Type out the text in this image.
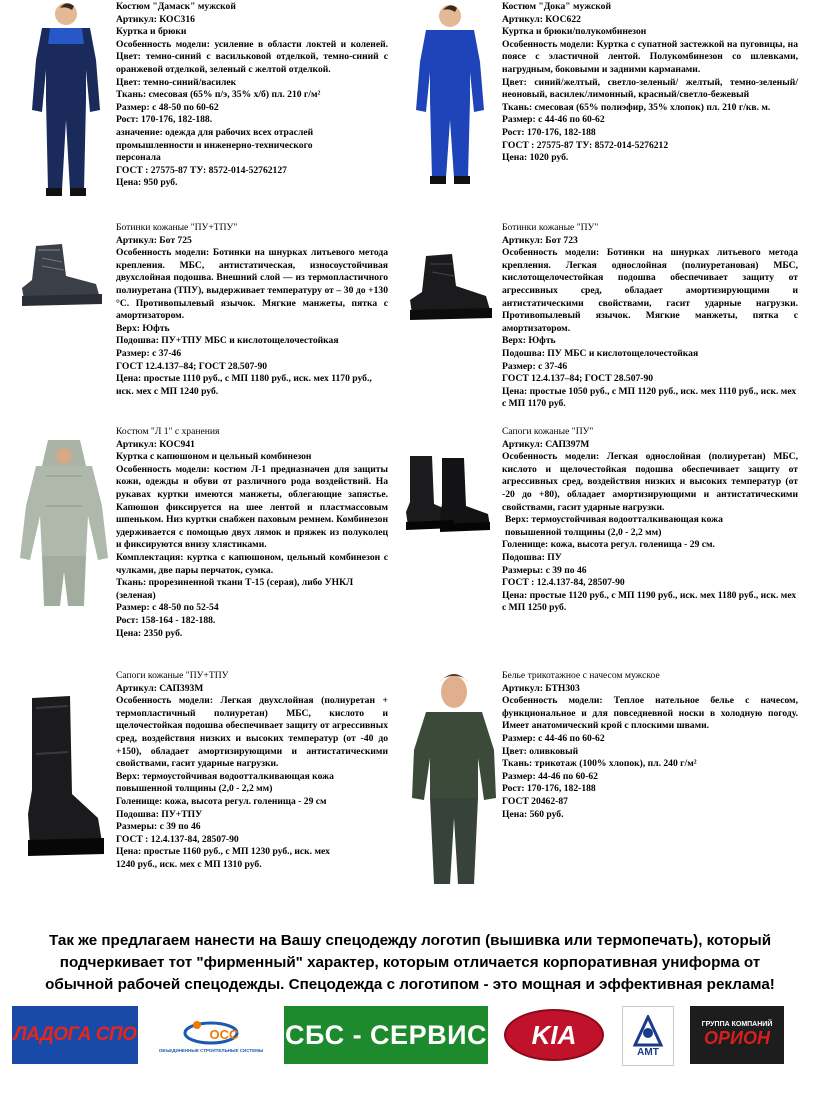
Костюм "Дамаск" мужской

Артикул: КОС316

Куртка и брюки

Особенность модели: усиление в области локтей и коленей. Цвет: темно-синий с васильковой отделкой, темно-синий с оранжевой отделкой, зеленый с желтой отделкой.

Цвет: темно-синий/василек

Ткань: смесовая (65% п/э, 35% х/б) пл. 210 г/м²

Размер: с 48-50 по 60-62

Рост: 170-176, 182-188.

азначение: одежда для рабочих всех отраслей промышленности и инженерно-технического персонала

ГОСТ : 27575-87 ТУ: 8572-014-52762127

Цена: 950 руб.

Костюм "Дока" мужской

Артикул: КОС622

Куртка и брюки/полукомбинезон

Особенность модели: Куртка с супатной застежкой на пуговицы, на поясе с эластичной лентой. Полукомбинезон со шлевками, нагрудным, боковыми и задними карманами.

Цвет: синий/желтый, светло-зеленый/ желтый, темно-зеленый/неоновый, василек/лимонный, красный/светло-бежевый

Ткань: смесовая (65% полиэфир, 35% хлопок) пл. 210 г/кв. м.

Размер: с 44-46 по 60-62

Рост: 170-176, 182-188

ГОСТ : 27575-87 ТУ: 8572-014-5276212

Цена: 1020 руб.

Ботинки кожаные "ПУ+ТПУ"

Артикул: Бот 725

Особенность модели: Ботинки на шнурках литьевого метода крепления. МБС, антистатическая, износоустойчивая двухслойная подошва. Внешний слой — из термопластичного полиуретана (ТПУ), выдерживает температуру от – 30 до +130 °С. Противопылевый язычок. Мягкие манжеты, пятка с амортизатором.

Верх: Юфть

Подошва: ПУ+ТПУ МБС и кислотощелочестойкая

Размер: с 37-46

ГОСТ 12.4.137–84; ГОСТ 28.507-90

Цена: простые 1110 руб., с МП 1180 руб., иск. мех 1170 руб., иск. мех с МП 1240 руб.

Ботинки кожаные "ПУ"

Артикул: Бот 723

Особенность модели: Ботинки на шнурках литьевого метода крепления. Легкая однослойная (полиуретановая) МБС, кислотощелочестойкая подошва обеспечивает защиту от агрессивных сред, обладает амортизирующими и антистатическими свойствами, гасит ударные нагрузки. Противопылевый язычок. Мягкие манжеты, пятка с амортизатором.

Верх: Юфть

Подошва: ПУ МБС и кислотощелочестойкая

Размер: с 37-46

ГОСТ 12.4.137–84; ГОСТ 28.507-90

Цена: простые 1050 руб., с МП 1120 руб., иск. мех 1110 руб., иск. мех с МП 1170 руб.

Костюм "Л 1" с хранения

Артикул: КОС941

Куртка с капюшоном и цельный комбинезон

Особенность модели: костюм Л-1 предназначен для защиты кожи, одежды и обуви от различного рода воздействий. На рукавах куртки имеются манжеты, облегающие запястье. Капюшон фиксируется на шее лентой и пластмассовым шпеньком. Низ куртки снабжен паховым ремнем. Комбинезон удерживается с помощью двух лямок и пряжек из полуколец и фиксируются внизу хлястиками.

Комплектация: куртка с капюшоном, цельный комбинезон с чулками, две пары перчаток, сумка.

Ткань: прорезиненной ткани Т-15 (серая), либо УНКЛ (зеленая)

Размер: с 48-50 по 52-54

Рост: 158-164 - 182-188.

Цена: 2350 руб.

Сапоги кожаные "ПУ"

Артикул: САП397М

Особенность модели: Легкая однослойная (полиуретан) МБС, кислото и щелочестойкая подошва обеспечивает защиту от агрессивных сред, воздействия низких и высоких температур (от -20 до +80), обладает амортизирующими и антистатическими свойствами, гасит ударные нагрузки.

Верх: термоустойчивая водоотталкивающая кожа повышенной толщины (2,0 - 2,2 мм)

Голенище: кожа, высота регул. голенища - 29 см.

Подошва: ПУ

Размеры: с 39 по 46

ГОСТ : 12.4.137-84, 28507-90

Цена: простые 1120 руб., с МП 1190 руб., иск. мех 1180 руб., иск. мех с МП 1250 руб.

Сапоги кожаные "ПУ+ТПУ

Артикул: САП393М

Особенность модели: Легкая двухслойная (полиуретан + термопластичный полиуретан) МБС, кислото и щелочестойкая подошва обеспечивает защиту от агрессивных сред, воздействия низких и высоких температур (от -40 до +150), обладает амортизирующими и антистатическими свойствами, гасит ударные нагрузки.

Верх: термоустойчивая водоотталкивающая кожа повышенной толщины (2,0 - 2,2 мм)

Голенище: кожа, высота регул. голенища - 29 см

Подошва: ПУ+ТПУ

Размеры: с 39 по 46

ГОСТ : 12.4.137-84, 28507-90

Цена: простые 1160 руб., с МП 1230 руб., иск. мех 1240 руб., иск. мех с МП 1310 руб.

Белье трикотажное с начесом мужское

Артикул: БТН303

Особенность модели: Теплое нательное белье с начесом, функциональное и для повседневной носки в холодную погоду. Имеет анатомический крой с плоскими швами.

Размер: с 44-46 по 60-62

Цвет: оливковый

Ткань: трикотаж (100% хлопок), пл. 240 г/м²

Размер: 44-46 по 60-62

Рост: 170-176, 182-188

ГОСТ 20462-87

Цена: 560 руб.

Так же предлагаем нанести на Вашу спецодежду логотип (вышивка или термопечать), который
подчеркивает тот "фирменный" характер, которым отличается корпоративная униформа от
обычной рабочей спецодежды. Спецодежда с логотипом - это мощная и эффективная реклама!
ЛАДОГА СПО	ОСС
ОБЪЕДИНЕННЫЕ СТРОИТЕЛЬНЫЕ СИСТЕМЫ
СБС - СЕРВИС KIA
АМТ
ГРУППА КОМПАНИЙ
ОРИОН
